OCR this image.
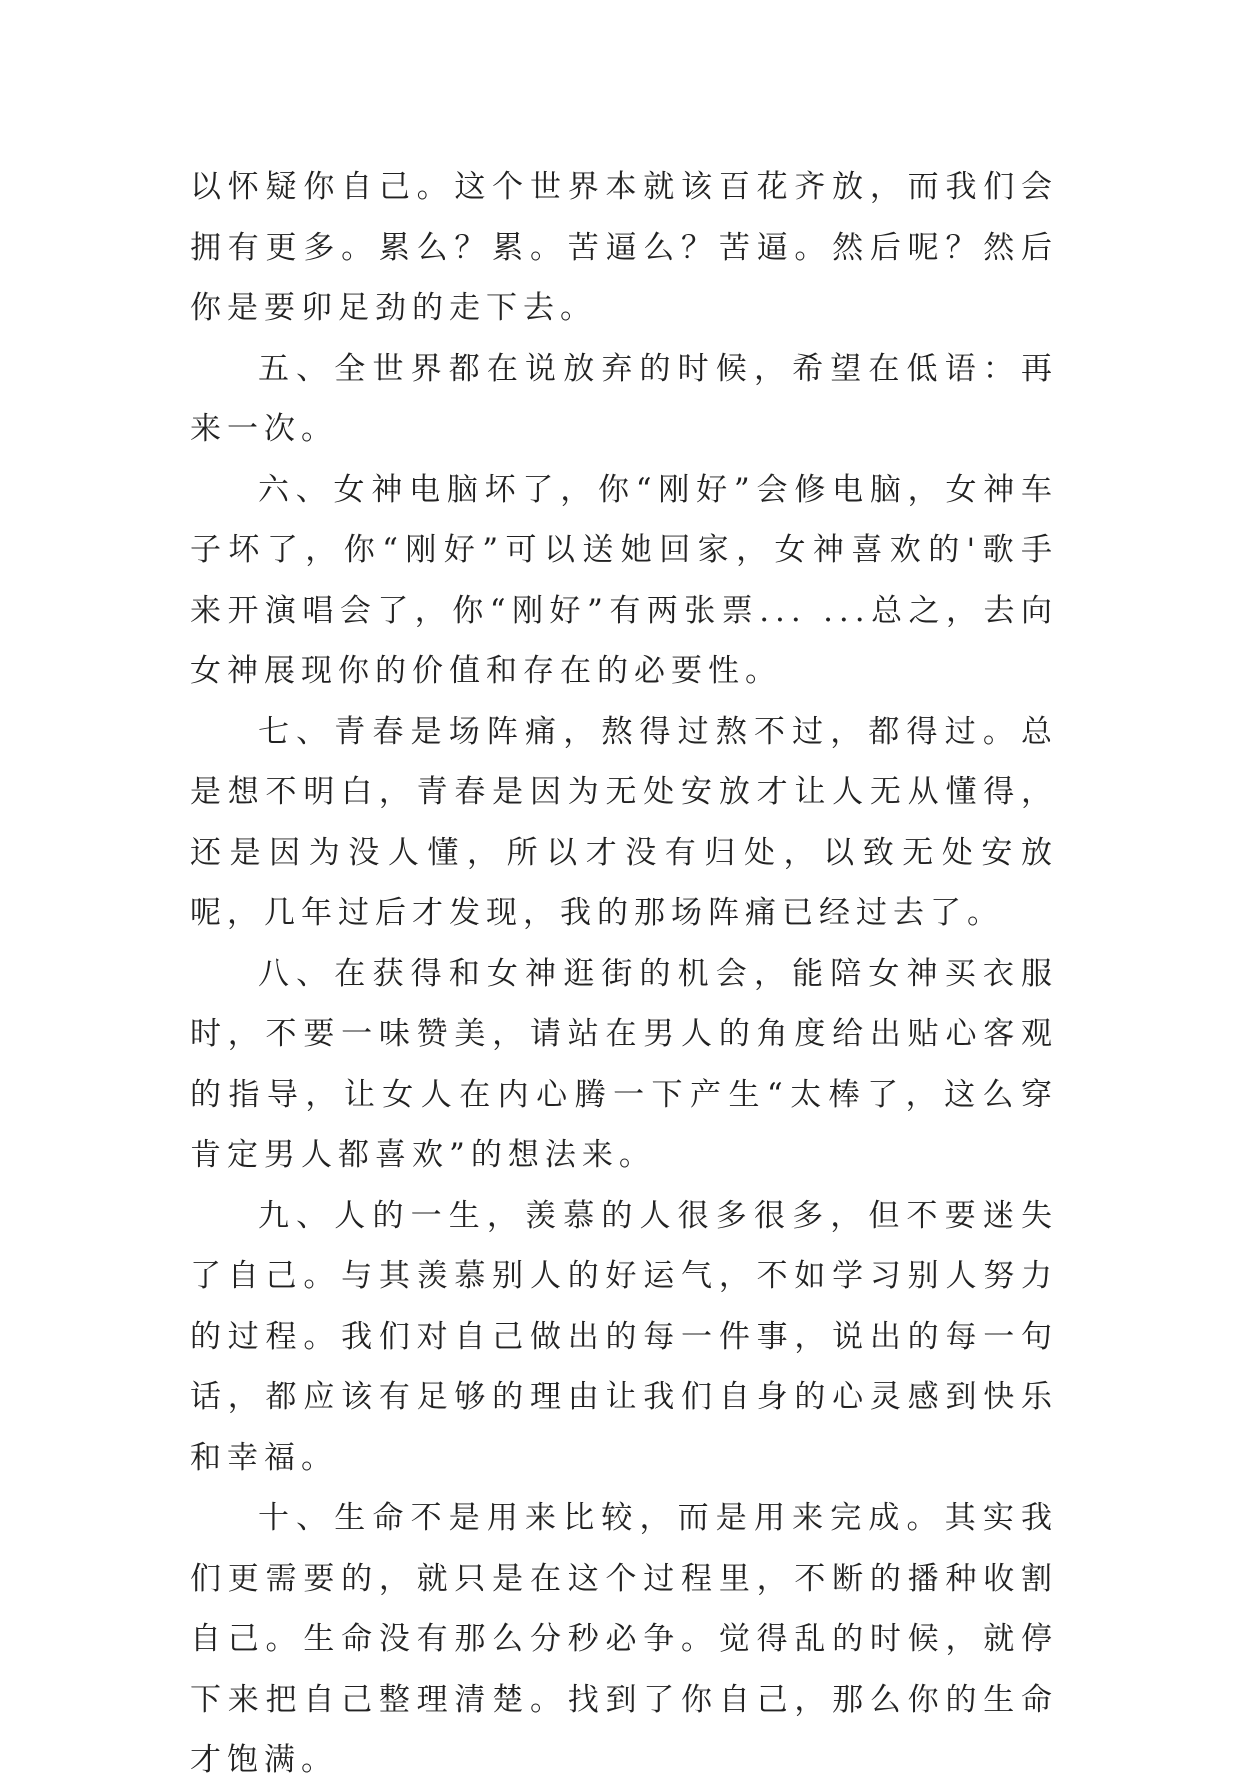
以怀疑你自己。这个世界本就该百花齐放，而我们会拥有更多。累么？累。苦逼么？苦逼。然后呢？然后你是要卯足劲的走下去。

五、全世界都在说放弃的时候，希望在低语：再来一次。

六、女神电脑坏了，你“刚好”会修电脑，女神车子坏了，你“刚好”可以送她回家，女神喜欢的'歌手来开演唱会了，你“刚好”有两张票... ...总之，去向女神展现你的价值和存在的必要性。

七、青春是场阵痛，熬得过熬不过，都得过。总是想不明白，青春是因为无处安放才让人无从懂得，还是因为没人懂，所以才没有归处，以致无处安放呢，几年过后才发现，我的那场阵痛已经过去了。

八、在获得和女神逛街的机会，能陪女神买衣服时，不要一味赞美，请站在男人的角度给出贴心客观的指导，让女人在内心腾一下产生“太棒了，这么穿肯定男人都喜欢”的想法来。

九、人的一生，羡慕的人很多很多，但不要迷失了自己。与其羡慕别人的好运气，不如学习别人努力的过程。我们对自己做出的每一件事，说出的每一句话，都应该有足够的理由让我们自身的心灵感到快乐和幸福。

十、生命不是用来比较，而是用来完成。其实我们更需要的，就只是在这个过程里，不断的播种收割自己。生命没有那么分秒必争。觉得乱的时候，就停下来把自己整理清楚。找到了你自己，那么你的生命才饱满。
